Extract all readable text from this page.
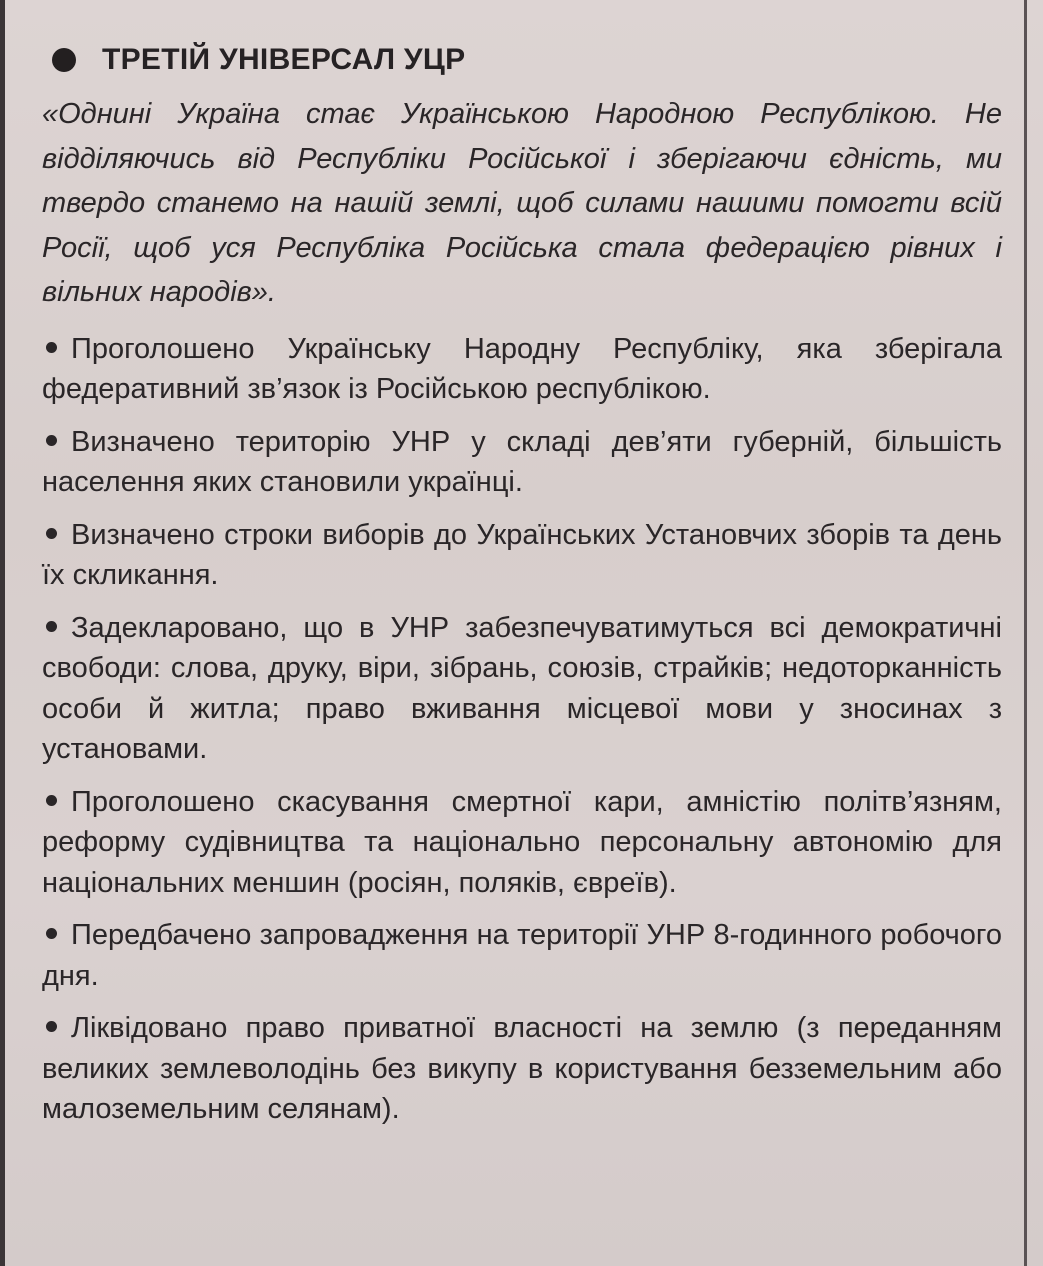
ТРЕТІЙ УНІВЕРСАЛ УЦР

«Однині Україна стає Українською Народною Республікою. Не відділяючись від Республіки Російської і зберігаючи єдність, ми твердо станемо на нашій землі, щоб силами нашими помогти всій Росії, щоб уся Республіка Російська стала федерацією рівних і вільних народів».

Проголошено Українську Народну Республіку, яка зберігала федеративний зв’язок із Російською республікою.

Визначено територію УНР у складі дев’яти губерній, більшість населення яких становили українці.

Визначено строки виборів до Українських Установчих зборів та день їх скликання.

Задекларовано, що в УНР забезпечуватимуться всі демократичні свободи: слова, друку, віри, зібрань, союзів, страйків; недоторканність особи й житла; право вживання місцевої мови у зносинах з установами.

Проголошено скасування смертної кари, амністію політв’язням, реформу судівництва та національно персональну автономію для національних меншин (росіян, поляків, євреїв).

Передбачено запровадження на території УНР 8-годинного робочого дня.

Ліквідовано право приватної власності на землю (з переданням великих землеволодінь без викупу в користування безземельним або малоземельним селянам).
